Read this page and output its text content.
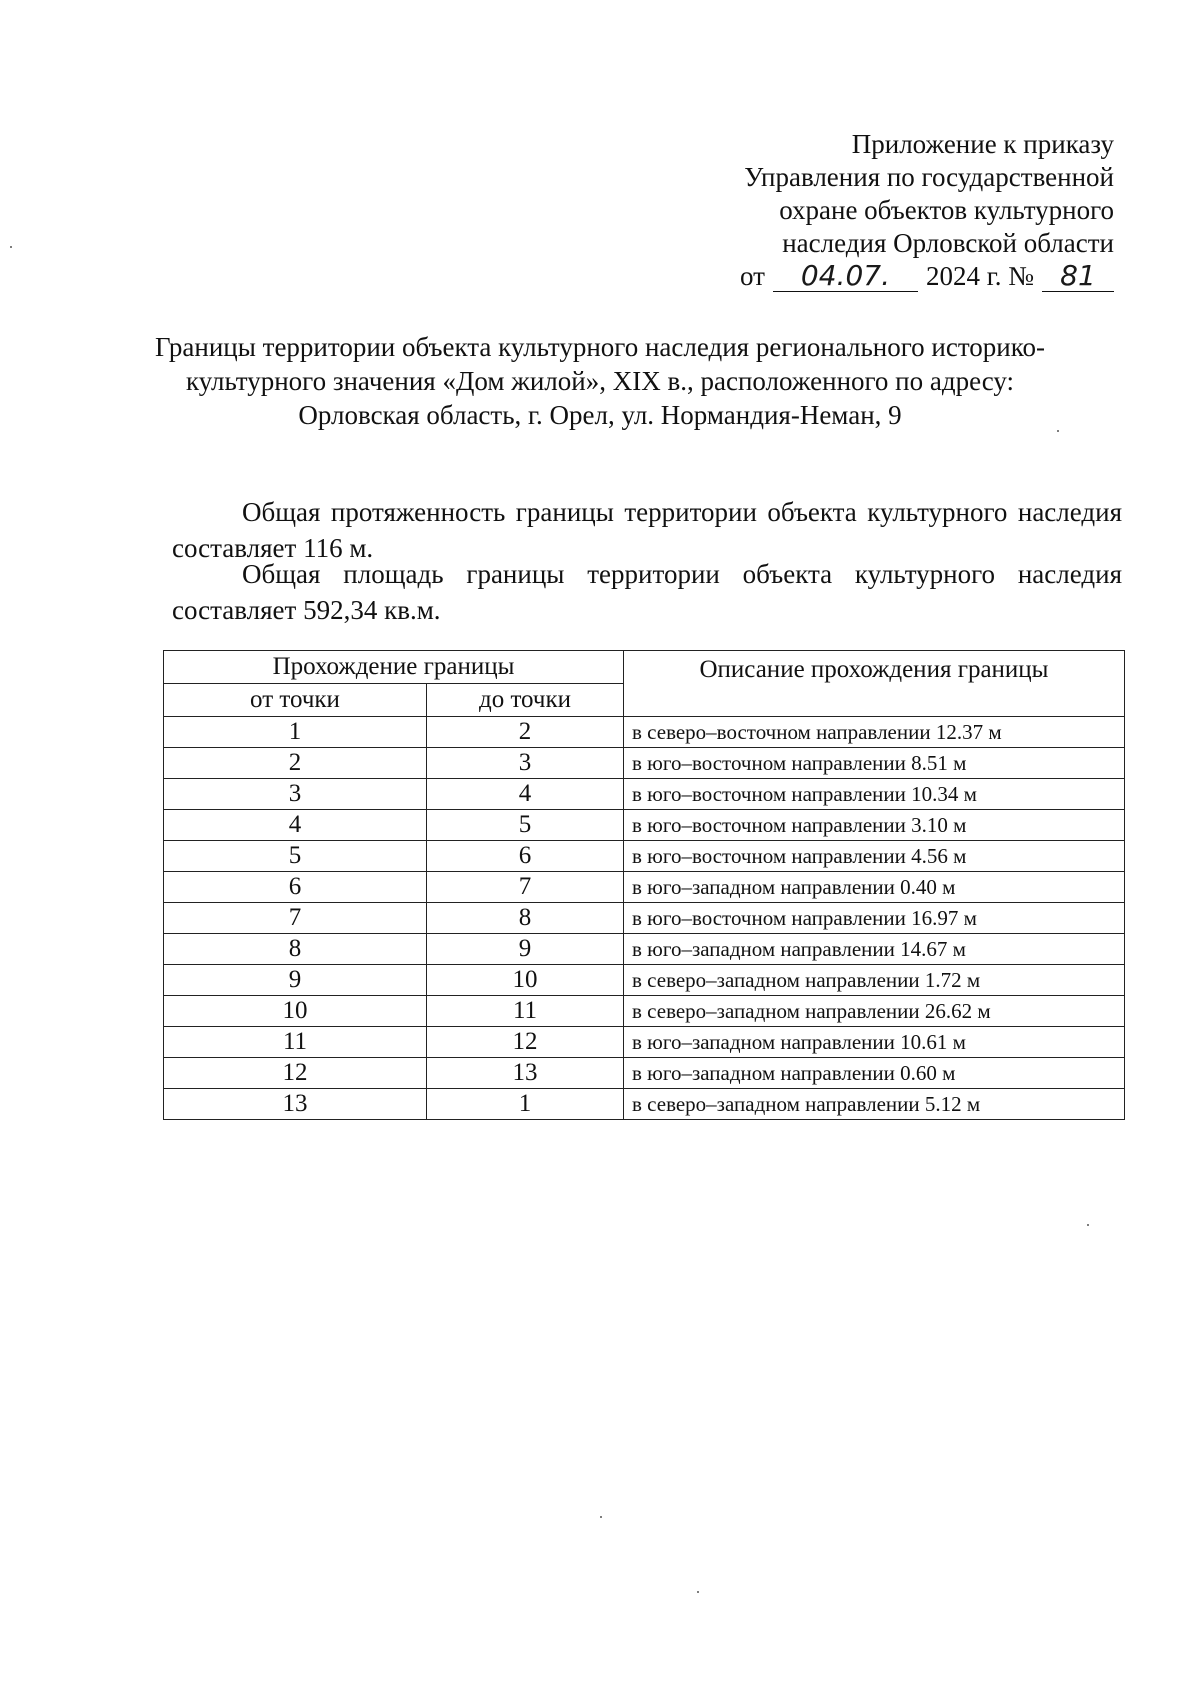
Приложение к приказу
Управления по государственной
охране объектов культурного
наследия Орловской области
от	04.07.	2024 г. № 81
Границы территории объекта культурного наследия регионального историко-
культурного значения «Дом жилой», XIX в., расположенного по адресу:
Орловская область, г. Орел, ул. Нормандия-Неман, 9
Общая протяженность границы территории объекта культурного наследия составляет 116 м.
Общая площадь границы территории объекта культурного наследия составляет 592,34 кв.м.
Прохождение границы		Описание прохождения границы
от точки	до точки	
1	2	в северо–восточном направлении 12.37 м
2	3	в юго–восточном направлении 8.51 м
3	4	в юго–восточном направлении 10.34 м
4	5	в юго–восточном направлении 3.10 м
5	6	в юго–восточном направлении 4.56 м
6	7	в юго–западном направлении 0.40 м
7	8	в юго–восточном направлении 16.97 м
8	9	в юго–западном направлении 14.67 м
9	10	в северо–западном направлении 1.72 м
10	11	в северо–западном направлении 26.62 м
11	12	в юго–западном направлении 10.61 м
12	13	в юго–западном направлении 0.60 м
13	1	в северо–западном направлении 5.12 м
